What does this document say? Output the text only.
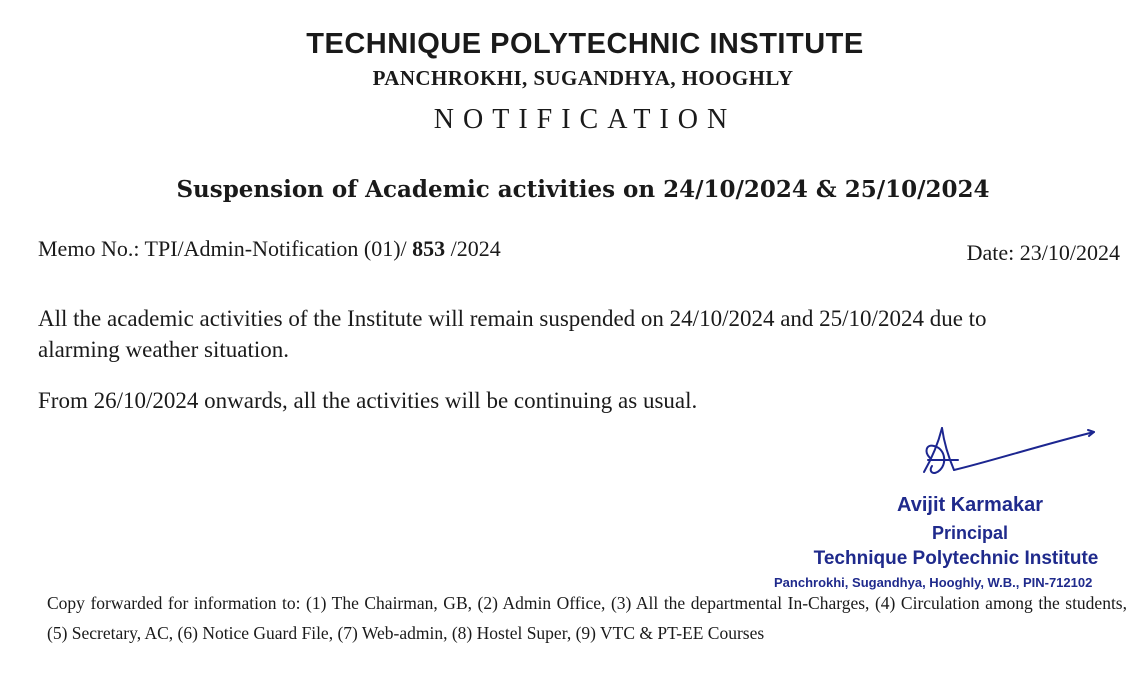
TECHNIQUE POLYTECHNIC INSTITUTE
PANCHROKHI, SUGANDHYA, HOOGHLY
NOTIFICATION
Suspension of Academic activities on 24/10/2024 & 25/10/2024
Memo No.: TPI/Admin-Notification (01)/ 853 /2024	Date: 23/10/2024
All the academic activities of the Institute will remain suspended on 24/10/2024 and 25/10/2024 due to alarming weather situation.
From 26/10/2024 onwards, all the activities will be continuing as usual.
Avijit Karmakar
Principal
Technique Polytechnic Institute
Panchrokhi, Sugandhya, Hooghly, W.B., PIN-712102
Copy forwarded for information to: (1) The Chairman, GB, (2) Admin Office, (3) All the departmental In-Charges, (4) Circulation among the students, (5) Secretary, AC, (6) Notice Guard File, (7) Web-admin, (8) Hostel Super, (9) VTC & PT-EE Courses
